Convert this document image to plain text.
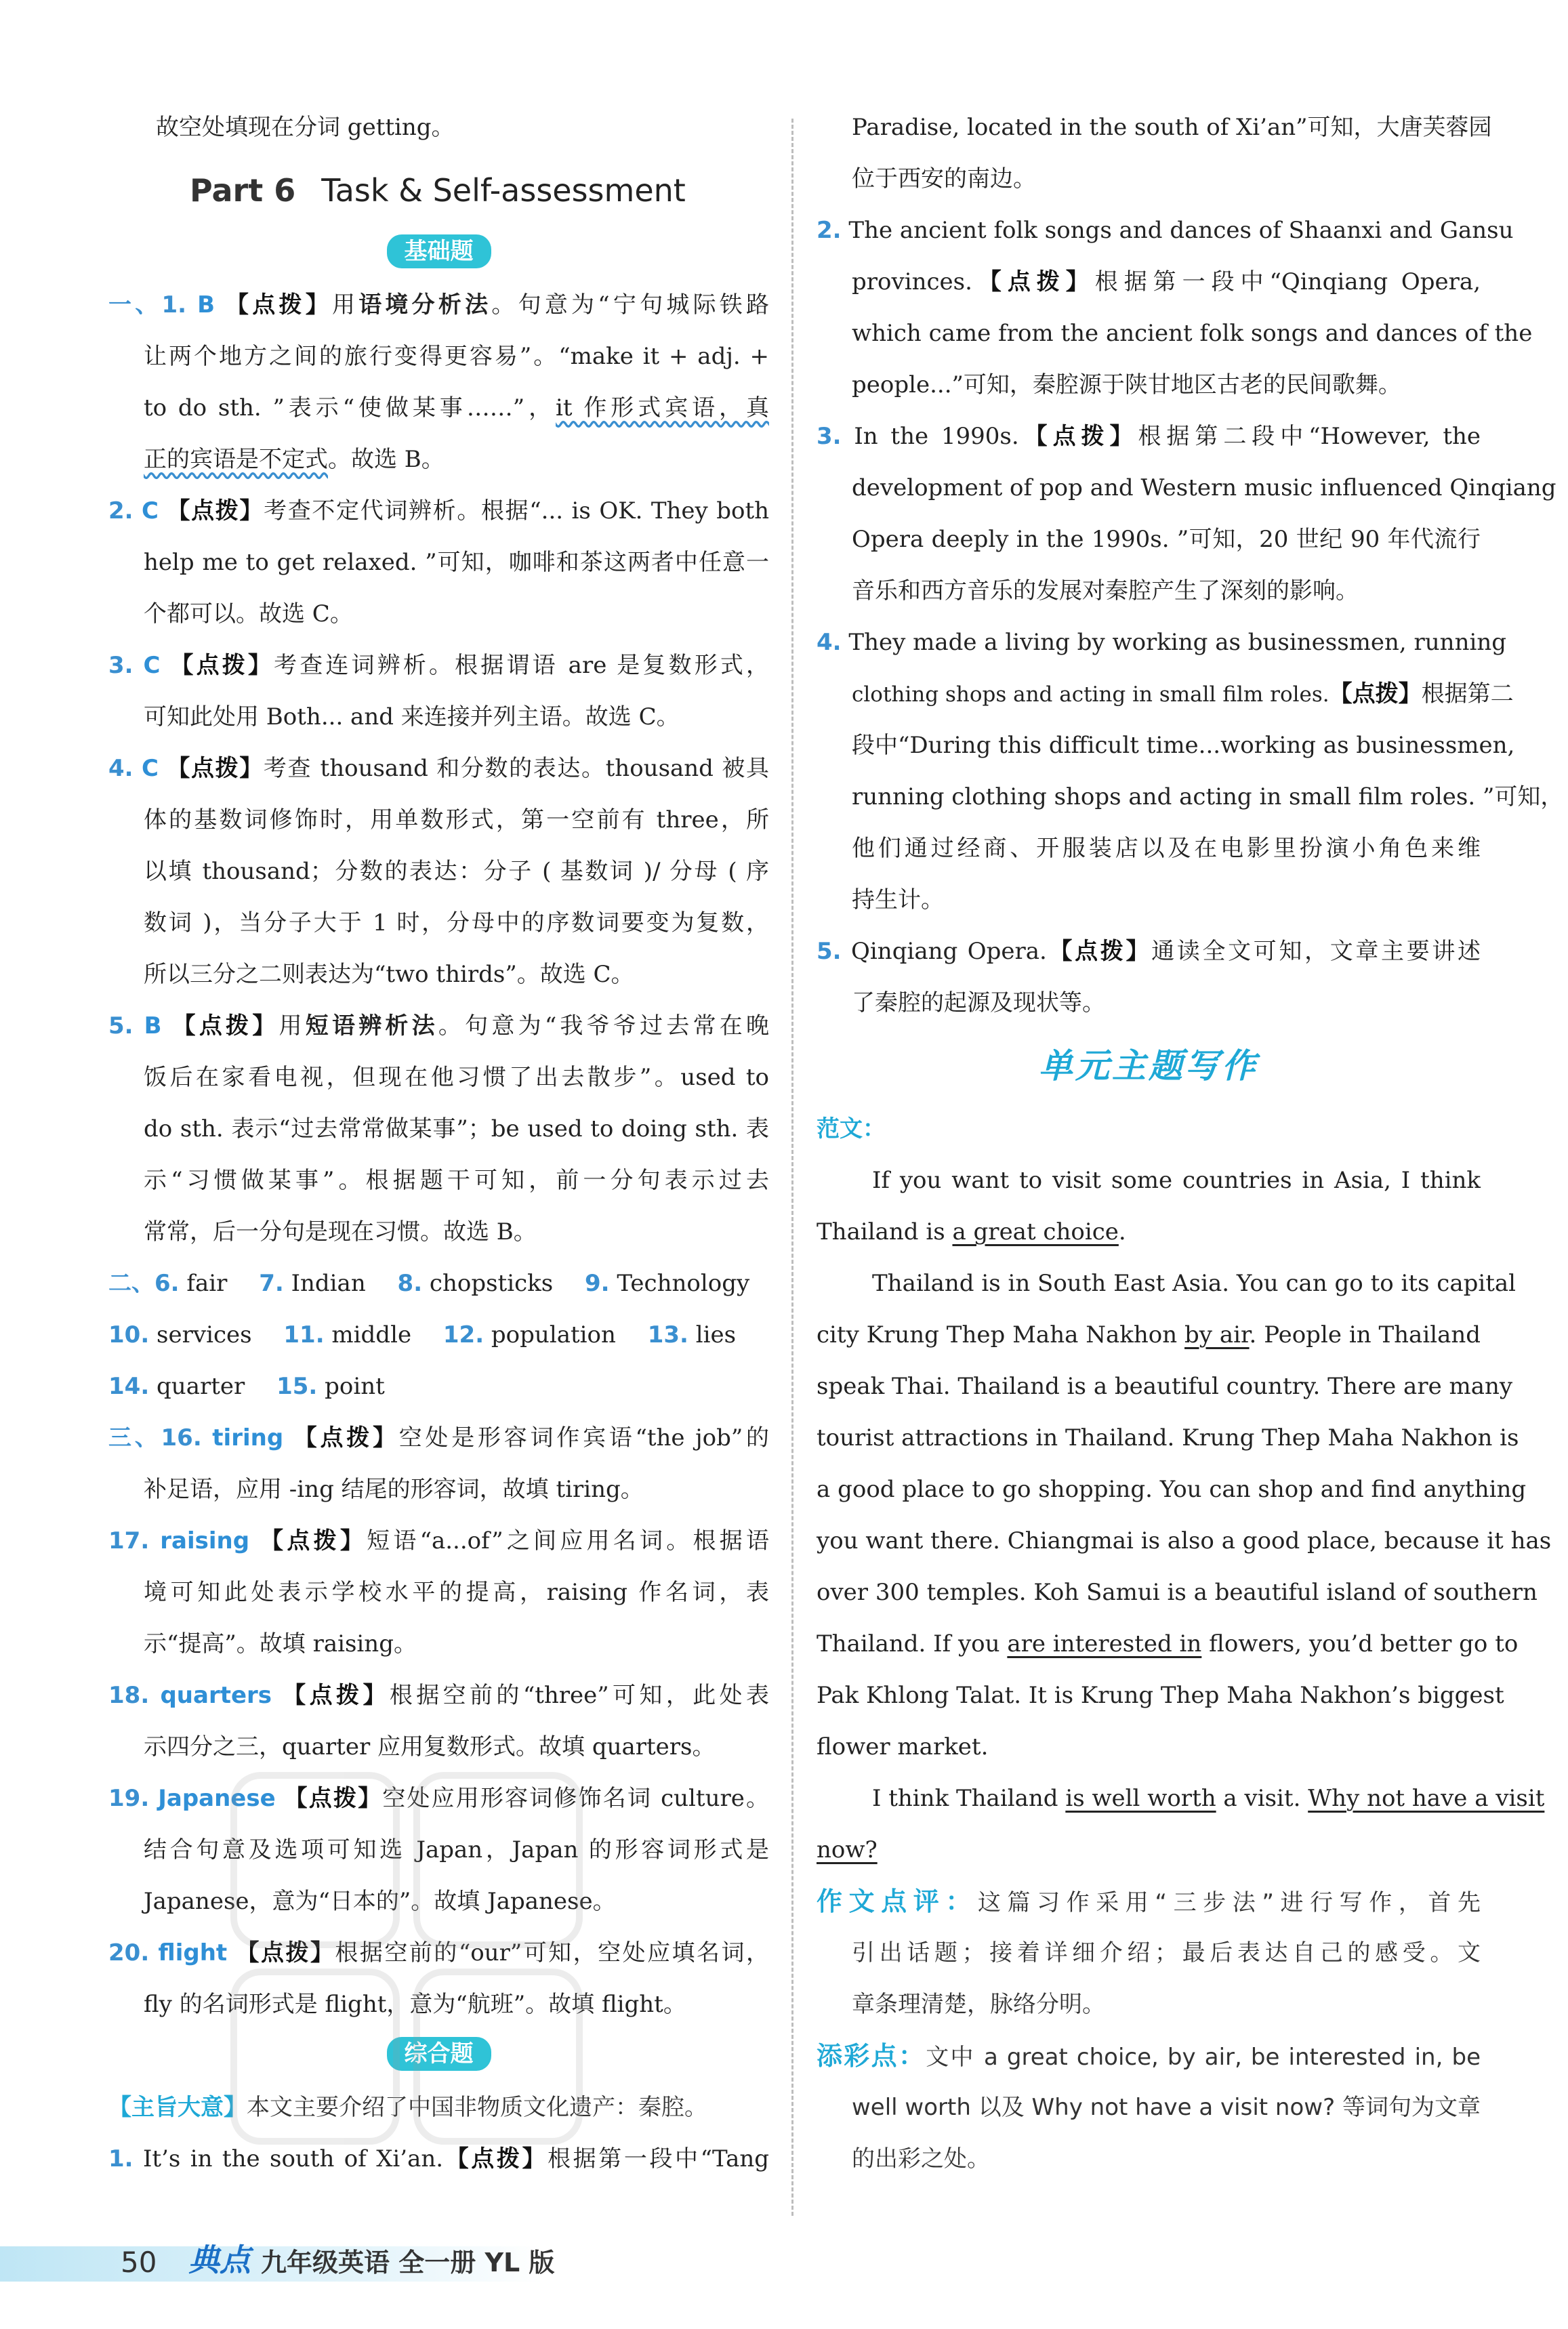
故空处填现在分词 getting。
Part 6 Task & Self-assessment
基础题
一、1. B 【点拨】用语境分析法。句意为“宁句城际铁路
让两个地方之间的旅行变得更容易”。“make it + adj. +
to do sth. ”表示“使做某事……”，it 作形式宾语，真
正的宾语是不定式。故选 B。
2. C 【点拨】考查不定代词辨析。根据“... is OK. They both
help me to get relaxed. ”可知，咖啡和茶这两者中任意一
个都可以。故选 C。
3. C 【点拨】考查连词辨析。根据谓语 are 是复数形式，
可知此处用 Both... and 来连接并列主语。故选 C。
4. C 【点拨】考查 thousand 和分数的表达。thousand 被具
体的基数词修饰时，用单数形式，第一空前有 three，所
以填 thousand；分数的表达：分子 ( 基数词 )/ 分母 ( 序
数词 )，当分子大于 1 时，分母中的序数词要变为复数，
所以三分之二则表达为“two thirds”。故选 C。
5. B 【点拨】用短语辨析法。句意为“我爷爷过去常在晚
饭后在家看电视，但现在他习惯了出去散步”。used to
do sth. 表示“过去常常做某事”；be used to doing sth. 表
示“习惯做某事”。根据题干可知，前一分句表示过去
常常，后一分句是现在习惯。故选 B。
二、6. fair 7. Indian 8. chopsticks 9. Technology
10. services 11. middle 12. population 13. lies
14. quarter 15. point
三、16. tiring 【点拨】空处是形容词作宾语“the job”的
补足语，应用 -ing 结尾的形容词，故填 tiring。
17. raising 【点拨】短语“a...of”之间应用名词。根据语
境可知此处表示学校水平的提高，raising 作名词，表
示“提高”。故填 raising。
18. quarters 【点拨】根据空前的“three”可知，此处表
示四分之三，quarter 应用复数形式。故填 quarters。
19. Japanese 【点拨】空处应用形容词修饰名词 culture。
结合句意及选项可知选 Japan，Japan 的形容词形式是
Japanese，意为“日本的”。故填 Japanese。
20. flight 【点拨】根据空前的“our”可知，空处应填名词，
fly 的名词形式是 flight，意为“航班”。故填 flight。
综合题
【主旨大意】本文主要介绍了中国非物质文化遗产：秦腔。
1. It’s in the south of Xi’an.【点拨】根据第一段中“Tang
Paradise, located in the south of Xi’an”可知，大唐芙蓉园
位于西安的南边。
2. The ancient folk songs and dances of Shaanxi and Gansu
provinces.【点拨】根据第一段中“Qinqiang Opera,
which came from the ancient folk songs and dances of the
people...”可知，秦腔源于陕甘地区古老的民间歌舞。
3. In the 1990s.【点拨】根据第二段中“However, the
development of pop and Western music influenced Qinqiang
Opera deeply in the 1990s. ”可知，20 世纪 90 年代流行
音乐和西方音乐的发展对秦腔产生了深刻的影响。
4. They made a living by working as businessmen, running
clothing shops and acting in small film roles.【点拨】根据第二
段中“During this difficult time...working as businessmen,
running clothing shops and acting in small film roles. ”可知，
他们通过经商、开服装店以及在电影里扮演小角色来维
持生计。
5. Qinqiang Opera.【点拨】通读全文可知，文章主要讲述
了秦腔的起源及现状等。
单元主题写作
范文：
If you want to visit some countries in Asia, I think
Thailand is a great choice.
Thailand is in South East Asia. You can go to its capital
city Krung Thep Maha Nakhon by air. People in Thailand
speak Thai. Thailand is a beautiful country. There are many
tourist attractions in Thailand. Krung Thep Maha Nakhon is
a good place to go shopping. You can shop and find anything
you want there. Chiangmai is also a good place, because it has
over 300 temples. Koh Samui is a beautiful island of southern
Thailand. If you are interested in flowers, you’d better go to
Pak Khlong Talat. It is Krung Thep Maha Nakhon’s biggest
flower market.
I think Thailand is well worth a visit. Why not have a visit
now?
作文点评：这篇习作采用“三步法”进行写作，首先
引出话题；接着详细介绍；最后表达自己的感受。文
章条理清楚，脉络分明。
添彩点：文中 a great choice, by air, be interested in, be
well worth 以及 Why not have a visit now? 等词句为文章
的出彩之处。
50 典点 九年级英语 全一册 YL 版
